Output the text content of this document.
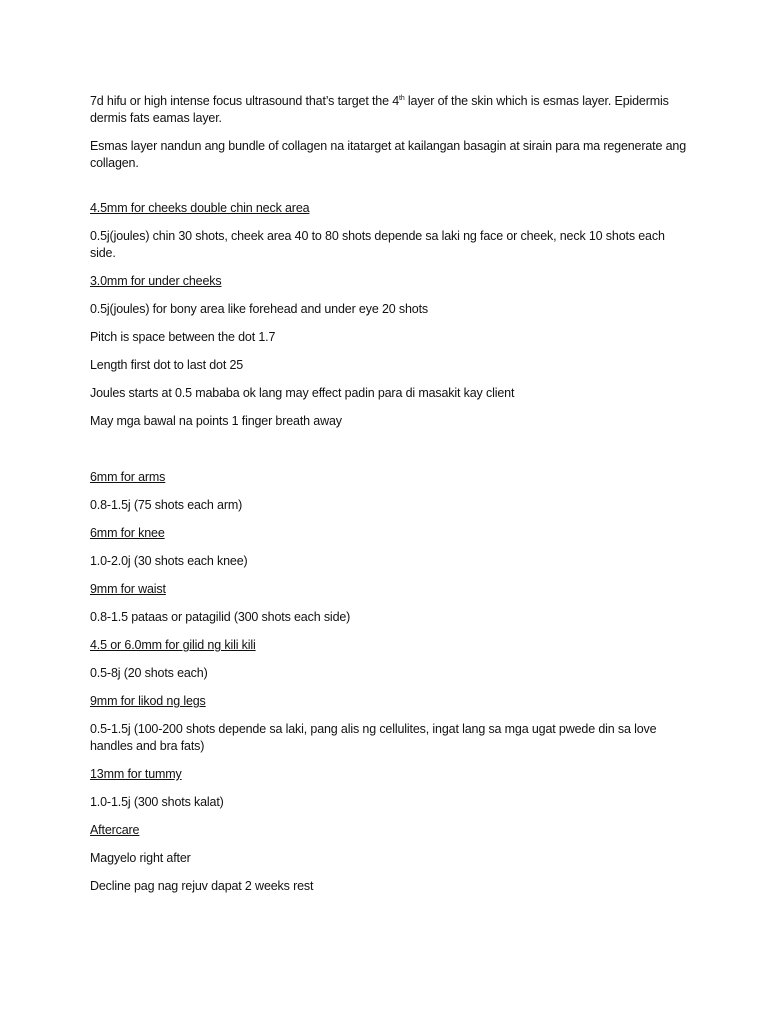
7d hifu or high intense focus ultrasound that’s target the 4th layer of the skin which is esmas layer. Epidermis dermis fats eamas layer.

Esmas layer nandun ang bundle of collagen na itatarget at kailangan basagin at sirain para ma regenerate ang collagen.

4.5mm for cheeks double chin neck area

0.5j(joules) chin 30 shots, cheek area 40 to 80 shots depende sa laki ng face or cheek, neck 10 shots each side.

3.0mm for under cheeks

0.5j(joules) for bony area like forehead and under eye 20 shots

Pitch is space between the dot 1.7

Length first dot to last dot 25

Joules starts at 0.5 mababa ok lang may effect padin para di masakit kay client

May mga bawal na points 1 finger breath away

6mm for arms

0.8-1.5j (75 shots each arm)

6mm for knee

1.0-2.0j (30 shots each knee)

9mm for waist

0.8-1.5 pataas or patagilid (300 shots each side)

4.5 or 6.0mm for gilid ng kili kili

0.5-8j (20 shots each)

9mm for likod ng legs

0.5-1.5j (100-200 shots depende sa laki, pang alis ng cellulites, ingat lang sa mga ugat pwede din sa love handles and bra fats)

13mm for tummy

1.0-1.5j (300 shots kalat)

Aftercare

Magyelo right after

Decline pag nag rejuv dapat 2 weeks rest
